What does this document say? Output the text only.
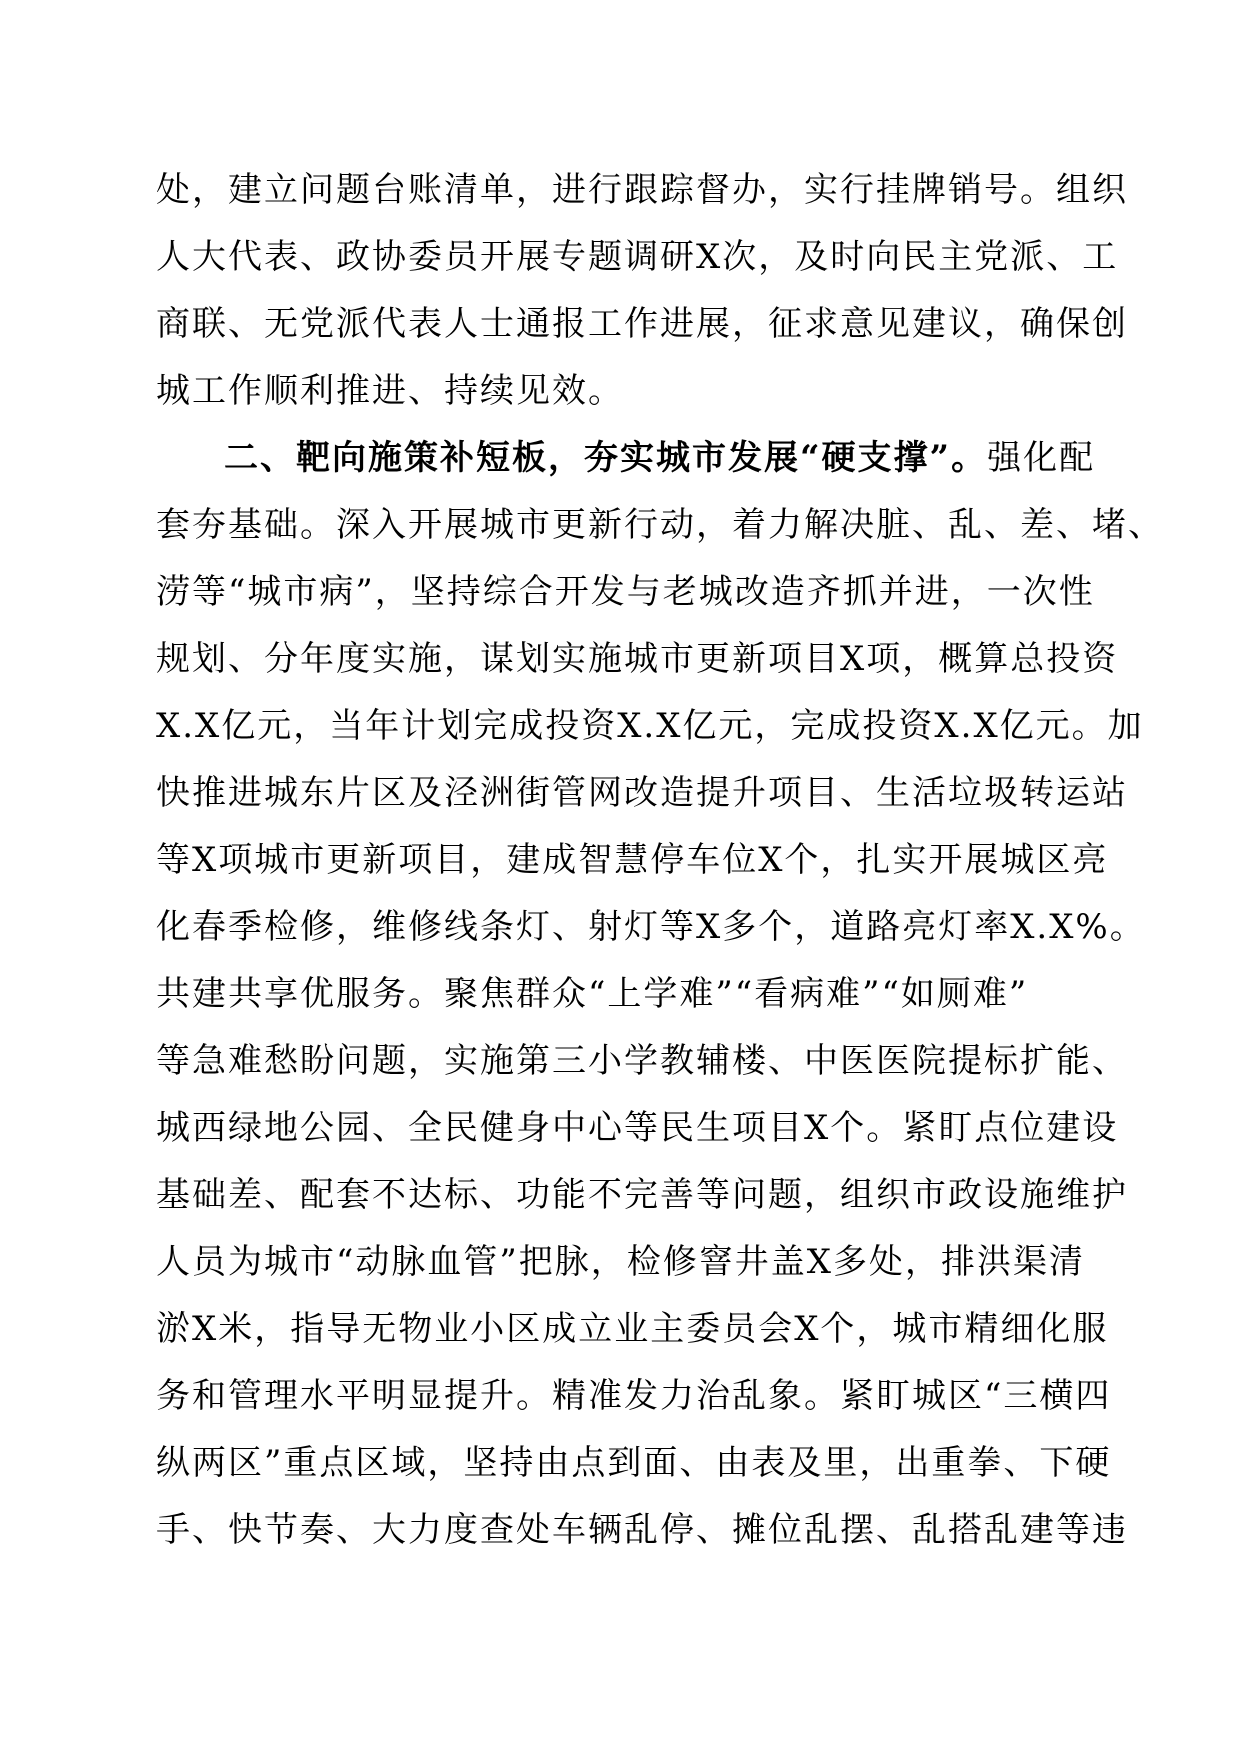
处，建立问题台账清单，进行跟踪督办，实行挂牌销号。组织
人大代表、政协委员开展专题调研X次，及时向民主党派、工
商联、无党派代表人士通报工作进展，征求意见建议，确保创
城工作顺利推进、持续见效。
二、靶向施策补短板，夯实城市发展“硬支撑”。强化配
套夯基础。深入开展城市更新行动，着力解决脏、乱、差、堵、
涝等“城市病”，坚持综合开发与老城改造齐抓并进，一次性
规划、分年度实施，谋划实施城市更新项目X项，概算总投资
X.X亿元，当年计划完成投资X.X亿元，完成投资X.X亿元。加
快推进城东片区及泾洲街管网改造提升项目、生活垃圾转运站
等X项城市更新项目，建成智慧停车位X个，扎实开展城区亮
化春季检修，维修线条灯、射灯等X多个，道路亮灯率X.X%。
共建共享优服务。聚焦群众“上学难”“看病难”“如厕难”
等急难愁盼问题，实施第三小学教辅楼、中医医院提标扩能、
城西绿地公园、全民健身中心等民生项目X个。紧盯点位建设
基础差、配套不达标、功能不完善等问题，组织市政设施维护
人员为城市“动脉血管”把脉，检修窨井盖X多处，排洪渠清
淤X米，指导无物业小区成立业主委员会X个，城市精细化服
务和管理水平明显提升。精准发力治乱象。紧盯城区“三横四
纵两区”重点区域，坚持由点到面、由表及里，出重拳、下硬
手、快节奏、大力度查处车辆乱停、摊位乱摆、乱搭乱建等违
